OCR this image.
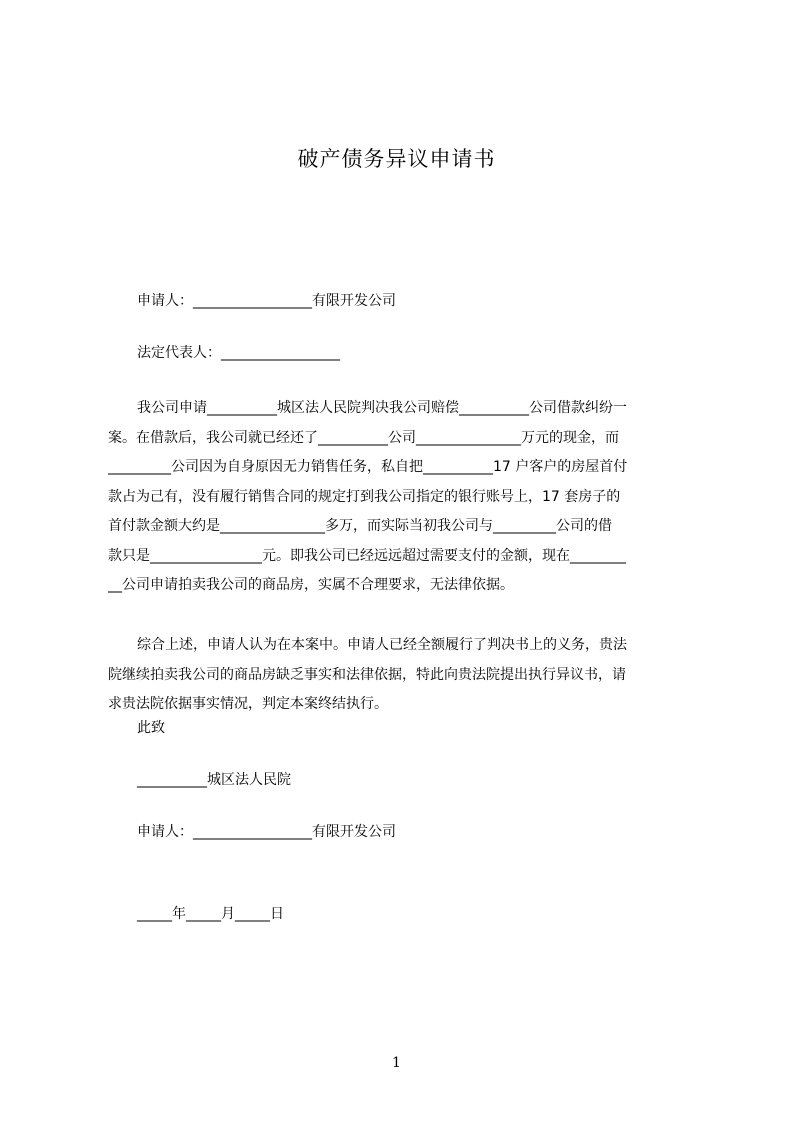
破产债务异议申请书
申请人：_________________有限开发公司
法定代表人：_________________
我公司申请__________城区法人民院判决我公司赔偿__________公司借款纠纷一
案。在借款后，我公司就已经还了__________公司_______________万元的现金，而
_________公司因为自身原因无力销售任务，私自把__________17 户客户的房屋首付
款占为己有，没有履行销售合同的规定打到我公司指定的银行账号上，17 套房子的
首付款金额大约是_______________多万，而实际当初我公司与_________公司的借
款只是________________元。即我公司已经远远超过需要支付的金额，现在________
__公司申请拍卖我公司的商品房，实属不合理要求，无法律依据。
综合上述，申请人认为在本案中。申请人已经全额履行了判决书上的义务，贵法
院继续拍卖我公司的商品房缺乏事实和法律依据，特此向贵法院提出执行异议书，请
求贵法院依据事实情况，判定本案终结执行。
此致
__________城区法人民院
申请人：_________________有限开发公司
_____年_____月_____日
1
